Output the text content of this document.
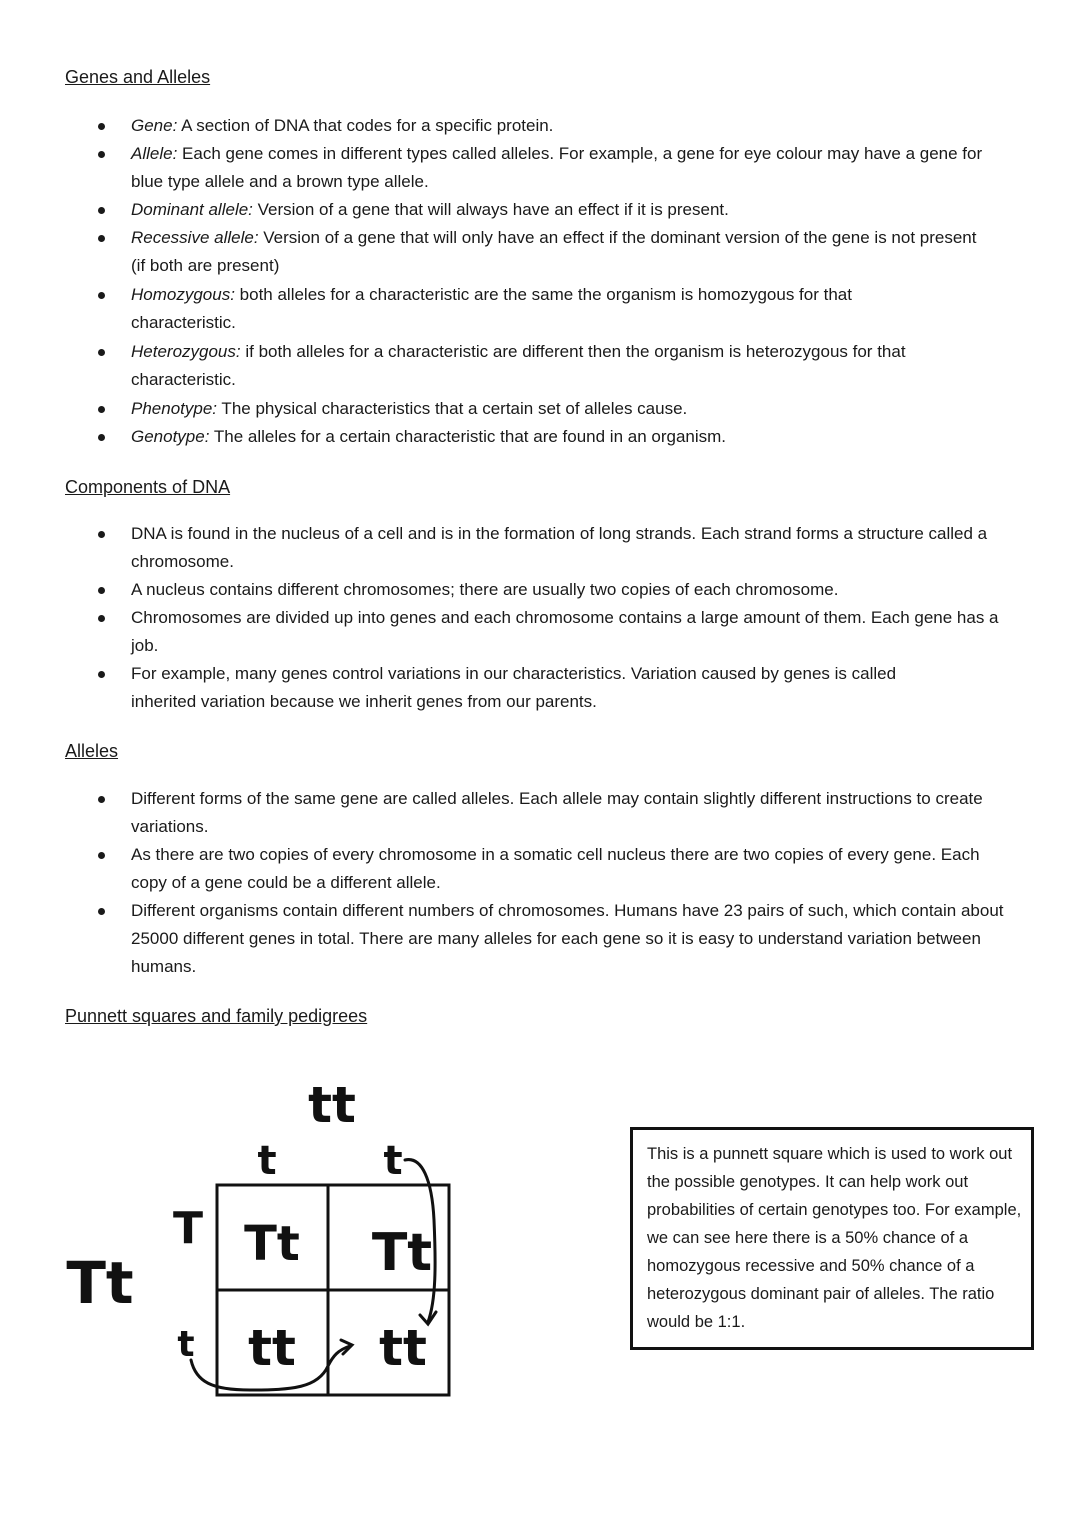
Genes and Alleles
Gene: A section of DNA that codes for a specific protein.
Allele: Each gene comes in different types called alleles. For example, a gene for eye colour may have a gene for blue type allele and a brown type allele.
Dominant allele: Version of a gene that will always have an effect if it is present.
Recessive allele: Version of a gene that will only have an effect if the dominant version of the gene is not present (if both are present)
Homozygous: both alleles for a characteristic are the same the organism is homozygous for that characteristic.
Heterozygous: if both alleles for a characteristic are different then the organism is heterozygous for that characteristic.
Phenotype: The physical characteristics that a certain set of alleles cause.
Genotype: The alleles for a certain characteristic that are found in an organism.
Components of DNA
DNA is found in the nucleus of a cell and is in the formation of long strands. Each strand forms a structure called a chromosome.
A nucleus contains different chromosomes; there are usually two copies of each chromosome.
Chromosomes are divided up into genes and each chromosome contains a large amount of them. Each gene has a job.
For example, many genes control variations in our characteristics. Variation caused by genes is called inherited variation because we inherit genes from our parents.
Alleles
Different forms of the same gene are called alleles. Each allele may contain slightly different instructions to create variations.
As there are two copies of every chromosome in a somatic cell nucleus there are two copies of every gene. Each copy of a gene could be a different allele.
Different organisms contain different numbers of chromosomes. Humans have 23 pairs of such, which contain about 25000 different genes in total. There are many alleles for each gene so it is easy to understand variation between humans.
Punnett squares and family pedigrees
tt
Tt
t	t
T
t
Tt Tt
tt tt
This is a punnett square which is used to work out the possible genotypes. It can help work out probabilities of certain genotypes too. For example, we can see here there is a 50% chance of a homozygous recessive and 50% chance of a heterozygous dominant pair of alleles. The ratio would be 1:1.
